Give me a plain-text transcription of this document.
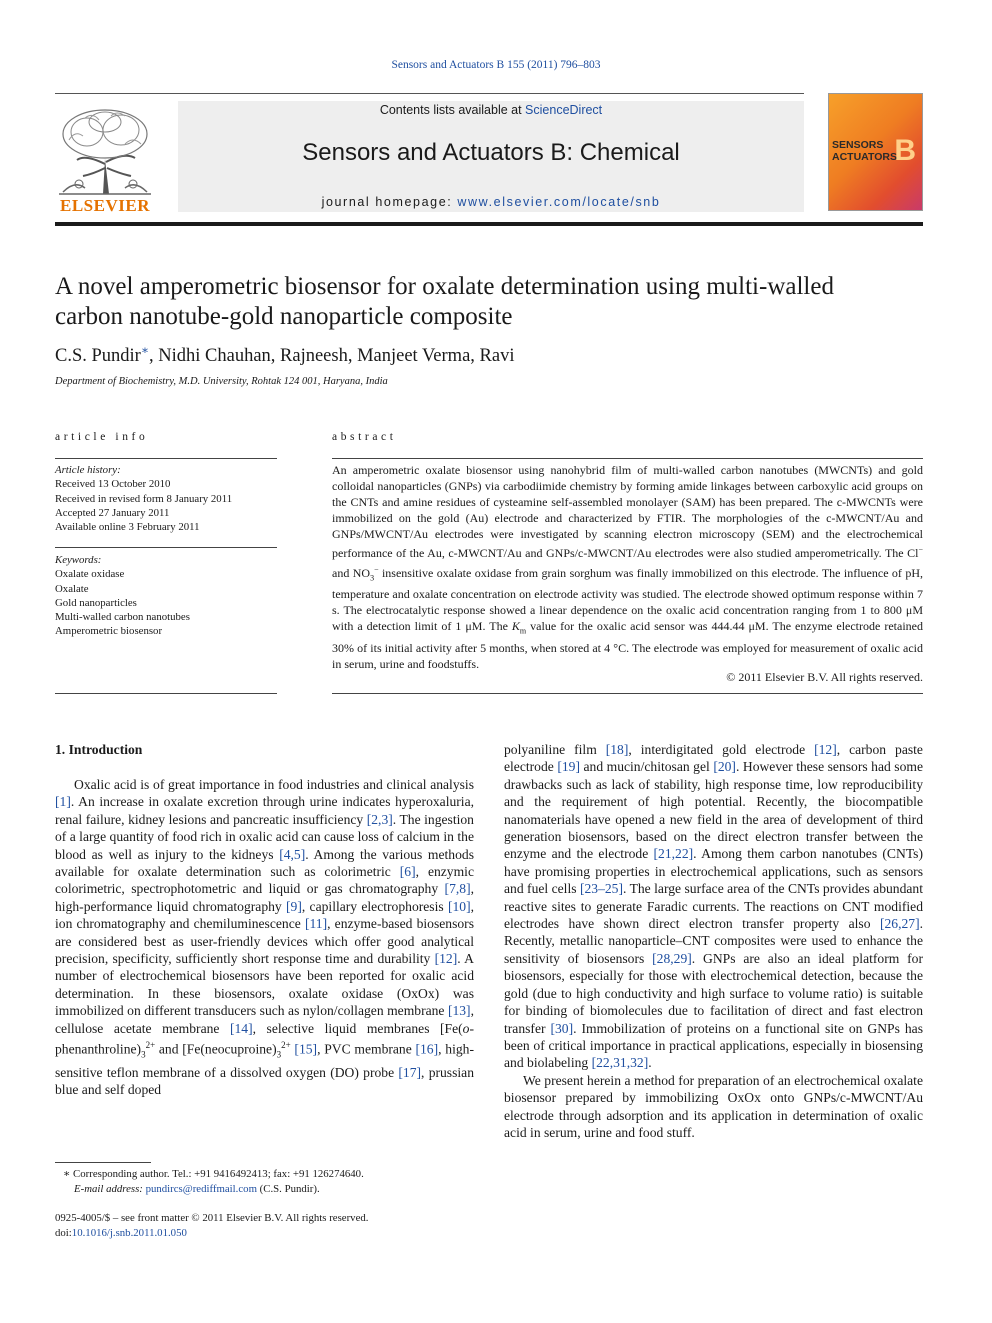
Sensors and Actuators B 155 (2011) 796–803
ELSEVIER
Contents lists available at ScienceDirect
Sensors and Actuators B: Chemical
journal homepage: www.elsevier.com/locate/snb
SENSORS
ACTUATORS
B
A novel amperometric biosensor for oxalate determination using multi-walled
carbon nanotube-gold nanoparticle composite
C.S. Pundir∗, Nidhi Chauhan, Rajneesh, Manjeet Verma, Ravi
Department of Biochemistry, M.D. University, Rohtak 124 001, Haryana, India
article info
Article history:
Received 13 October 2010
Received in revised form 8 January 2011
Accepted 27 January 2011
Available online 3 February 2011
Keywords:
Oxalate oxidase
Oxalate
Gold nanoparticles
Multi-walled carbon nanotubes
Amperometric biosensor
abstract
An amperometric oxalate biosensor using nanohybrid film of multi-walled carbon nanotubes (MWCNTs) and gold colloidal nanoparticles (GNPs) via carbodiimide chemistry by forming amide linkages between carboxylic acid groups on the CNTs and amine residues of cysteamine self-assembled monolayer (SAM) has been prepared. The c-MWCNTs were immobilized on the gold (Au) electrode and characterized by FTIR. The morphologies of the c-MWCNT/Au and GNPs/MWCNT/Au electrodes were investigated by scanning electron microscopy (SEM) and the electrochemical performance of the Au, c-MWCNT/Au and GNPs/c-MWCNT/Au electrodes were also studied amperometrically. The Cl− and $NO_3^-$ insensitive oxalate oxidase from grain sorghum was finally immobilized on this electrode. The influence of pH, temperature and oxalate concentration on electrode activity was studied. The electrode showed optimum response within 7 s. The electrocatalytic response showed a linear dependence on the oxalic acid concentration ranging from 1 to 800 μM with a detection limit of 1 μM. The $K_m$ value for the oxalic acid sensor was 444.44 μM. The enzyme electrode retained 30% of its initial activity after 5 months, when stored at 4 °C. The electrode was employed for measurement of oxalic acid in serum, urine and foodstuffs.
© 2011 Elsevier B.V. All rights reserved.
1. Introduction

Oxalic acid is of great importance in food industries and clinical analysis [1]. An increase in oxalate excretion through urine indicates hyperoxaluria, renal failure, kidney lesions and pancreatic insufficiency [2,3]. The ingestion of a large quantity of food rich in oxalic acid can cause loss of calcium in the blood as well as injury to the kidneys [4,5]. Among the various methods available for oxalate determination such as colorimetric [6], enzymic colorimetric, spectrophotometric and liquid or gas chromatography [7,8], high-performance liquid chromatography [9], capillary electrophoresis [10], ion chromatography and chemiluminescence [11], enzyme-based biosensors are considered best as user-friendly devices which offer good analytical precision, specificity, sufficiently short response time and durability [12]. A number of electrochemical biosensors have been reported for oxalic acid determination. In these biosensors, oxalate oxidase (OxOx) was immobilized on different transducers such as nylon/collagen membrane [13], cellulose acetate membrane [14], selective liquid membranes [$Fe(o-phenanthroline)_3^{2+}$ and [$Fe(neocuproine)_3^{2+}$ [15], PVC membrane [16], high-sensitive teflon membrane of a dissolved oxygen (DO) probe [17], prussian blue and self doped

polyaniline film [18], interdigitated gold electrode [12], carbon paste electrode [19] and mucin/chitosan gel [20]. However these sensors had some drawbacks such as lack of stability, high response time, low reproducibility and the requirement of high potential. Recently, the biocompatible nanomaterials have opened a new field in the area of development of third generation biosensors, based on the direct electron transfer between the enzyme and the electrode [21,22]. Among them carbon nanotubes (CNTs) have promising properties in electrochemical applications, such as sensors and fuel cells [23–25]. The large surface area of the CNTs provides abundant reactive sites to generate Faradic currents. The reactions on CNT modified electrodes have shown direct electron transfer property also [26,27]. Recently, metallic nanoparticle–CNT composites were used to enhance the sensitivity of biosensors [28,29]. GNPs are also an ideal platform for biosensors, especially for those with electrochemical detection, because the gold (due to high conductivity and high surface to volume ratio) is suitable for binding of biomolecules due to facilitation of direct and fast electron transfer [30]. Immobilization of proteins on a functional site on GNPs has been of critical importance in practical applications, especially in biosensing and biolabeling [22,31,32].

We present herein a method for preparation of an electrochemical oxalate biosensor prepared by immobilizing OxOx onto GNPs/c-MWCNT/Au electrode through adsorption and its application in determination of oxalic acid in serum, urine and food stuff.

∗ Corresponding author. Tel.: +91 9416492413; fax: +91 126274640.
E-mail address: pundircs@rediffmail.com (C.S. Pundir).
0925-4005/$ – see front matter © 2011 Elsevier B.V. All rights reserved.
doi:10.1016/j.snb.2011.01.050
